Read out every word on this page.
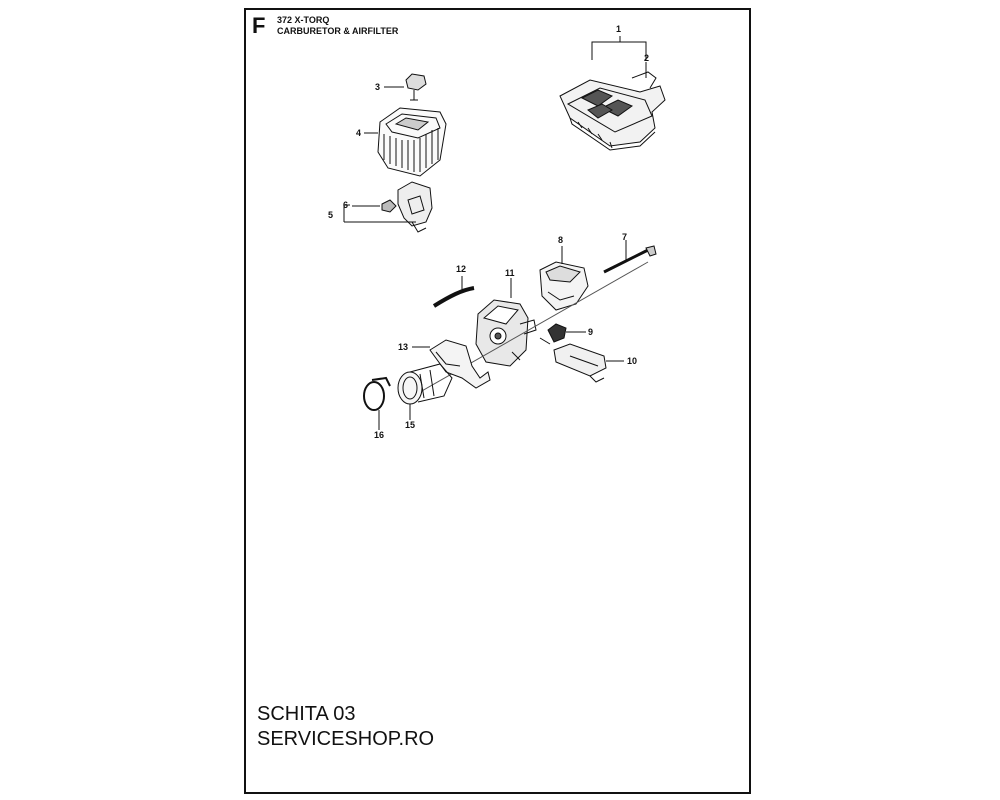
F 372 X-TORQ
CARBURETOR & AIRFILTER	1
2
3
4
5
6
7
8
9
10
11
12
13
15
16
SCHITA 03
SERVICESHOP.RO
